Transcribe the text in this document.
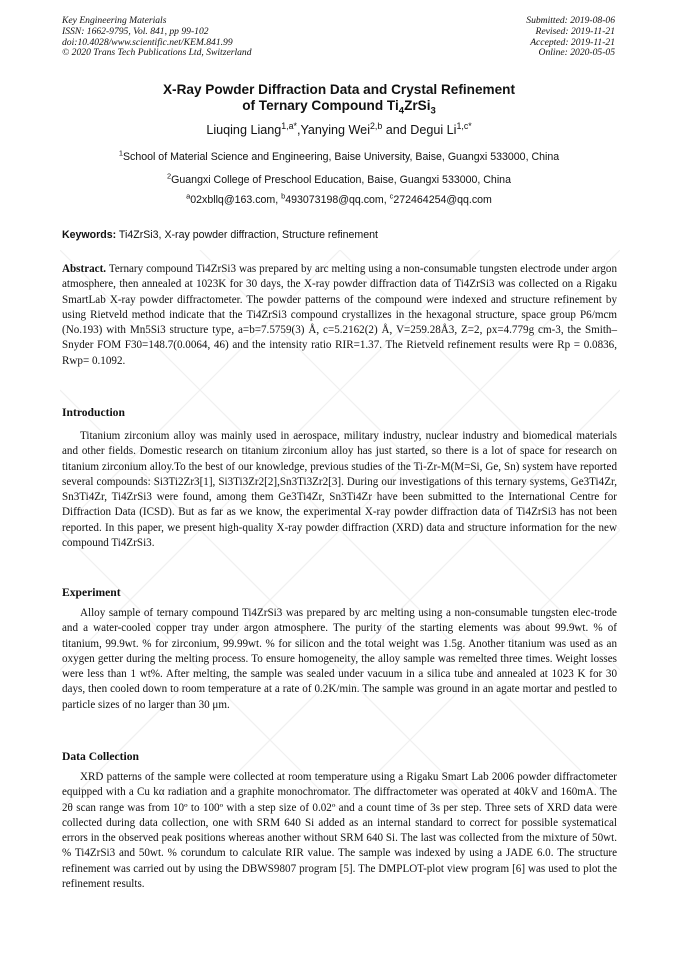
Key Engineering Materials
ISSN: 1662-9795, Vol. 841, pp 99-102
doi:10.4028/www.scientific.net/KEM.841.99
© 2020 Trans Tech Publications Ltd, Switzerland
Submitted: 2019-08-06
Revised: 2019-11-21
Accepted: 2019-11-21
Online: 2020-05-05
X-Ray Powder Diffraction Data and Crystal Refinement
of Ternary Compound $Ti_4ZrSi_3$
Liuqing Liang$^{1,a*}$,Yanying Wei$^{2,b}$ and Degui $Li^{1,c*}$
$^1$School of Material Science and Engineering, Baise University, Baise, Guangxi 533000, China
$^2$Guangxi College of Preschool Education, Baise, Guangxi 533000, China
$^a$02xbllq@163.com, $^b$493073198@qq.com, $^c$272464254@qq.com
Keywords: Ti4ZrSi3, X-ray powder diffraction, Structure refinement
Abstract. Ternary compound Ti4ZrSi3 was prepared by arc melting using a non-consumable tungsten electrode under argon atmosphere, then annealed at 1023K for 30 days, the X-ray powder diffraction data of Ti4ZrSi3 was collected on a Rigaku SmartLab X-ray powder diffractometer. The powder patterns of the compound were indexed and structure refinement by using Rietveld method indicate that the Ti4ZrSi3 compound crystallizes in the hexagonal structure, space group P6/mcm (No.193) with Mn5Si3 structure type, a=b=7.5759(3) Å, c=5.2162(2) Å, V=259.28Å3, Z=2, ρx=4.779g cm-3, the Smith–Snyder FOM F30=148.7(0.0064, 46) and the intensity ratio RIR=1.37. The Rietveld refinement results were Rp = 0.0836, Rwp= 0.1092.
Introduction
Titanium zirconium alloy was mainly used in aerospace, military industry, nuclear industry and biomedical materials and other fields. Domestic research on titanium zirconium alloy has just started, so there is a lot of space for research on titanium zirconium alloy.To the best of our knowledge, previous studies of the Ti-Zr-M(M=Si, Ge, Sn) system have reported several compounds: Si3Ti2Zr3[1], Si3Ti3Zr2[2],Sn3Ti3Zr2[3]. During our investigations of this ternary systems, Ge3Ti4Zr, Sn3Ti4Zr, Ti4ZrSi3 were found, among them Ge3Ti4Zr, Sn3Ti4Zr have been submitted to the International Centre for Diffraction Data (ICSD). But as far as we know, the experimental X-ray powder diffraction data of Ti4ZrSi3 has not been reported. In this paper, we present high-quality X-ray powder diffraction (XRD) data and structure information for the new compound Ti4ZrSi3.
Experiment
Alloy sample of ternary compound Ti4ZrSi3 was prepared by arc melting using a non-consumable tungsten elec-trode and a water-cooled copper tray under argon atmosphere. The purity of the starting elements was about 99.9wt. % of titanium, 99.9wt. % for zirconium, 99.99wt. % for silicon and the total weight was 1.5g. Another titanium was used as an oxygen getter during the melting process. To ensure homogeneity, the alloy sample was remelted three times. Weight losses were less than 1 wt%. After melting, the sample was sealed under vacuum in a silica tube and annealed at 1023 K for 30 days, then cooled down to room temperature at a rate of 0.2K/min. The sample was ground in an agate mortar and pestled to particle sizes of no larger than 30 μm.
Data Collection
XRD patterns of the sample were collected at room temperature using a Rigaku Smart Lab 2006 powder diffractometer equipped with a Cu kα radiation and a graphite monochromator. The diffractometer was operated at 40kV and 160mA. The 2θ scan range was from 10º to 100º with a step size of 0.02º and a count time of 3s per step. Three sets of XRD data were collected during data collection, one with SRM 640 Si added as an internal standard to correct for possible systematical errors in the observed peak positions whereas another without SRM 640 Si. The last was collected from the mixture of 50wt. % Ti4ZrSi3 and 50wt. % corundum to calculate RIR value. The sample was indexed by using a JADE 6.0. The structure refinement was carried out by using the DBWS9807 program [5]. The DMPLOT-plot view program [6] was used to plot the refinement results.
